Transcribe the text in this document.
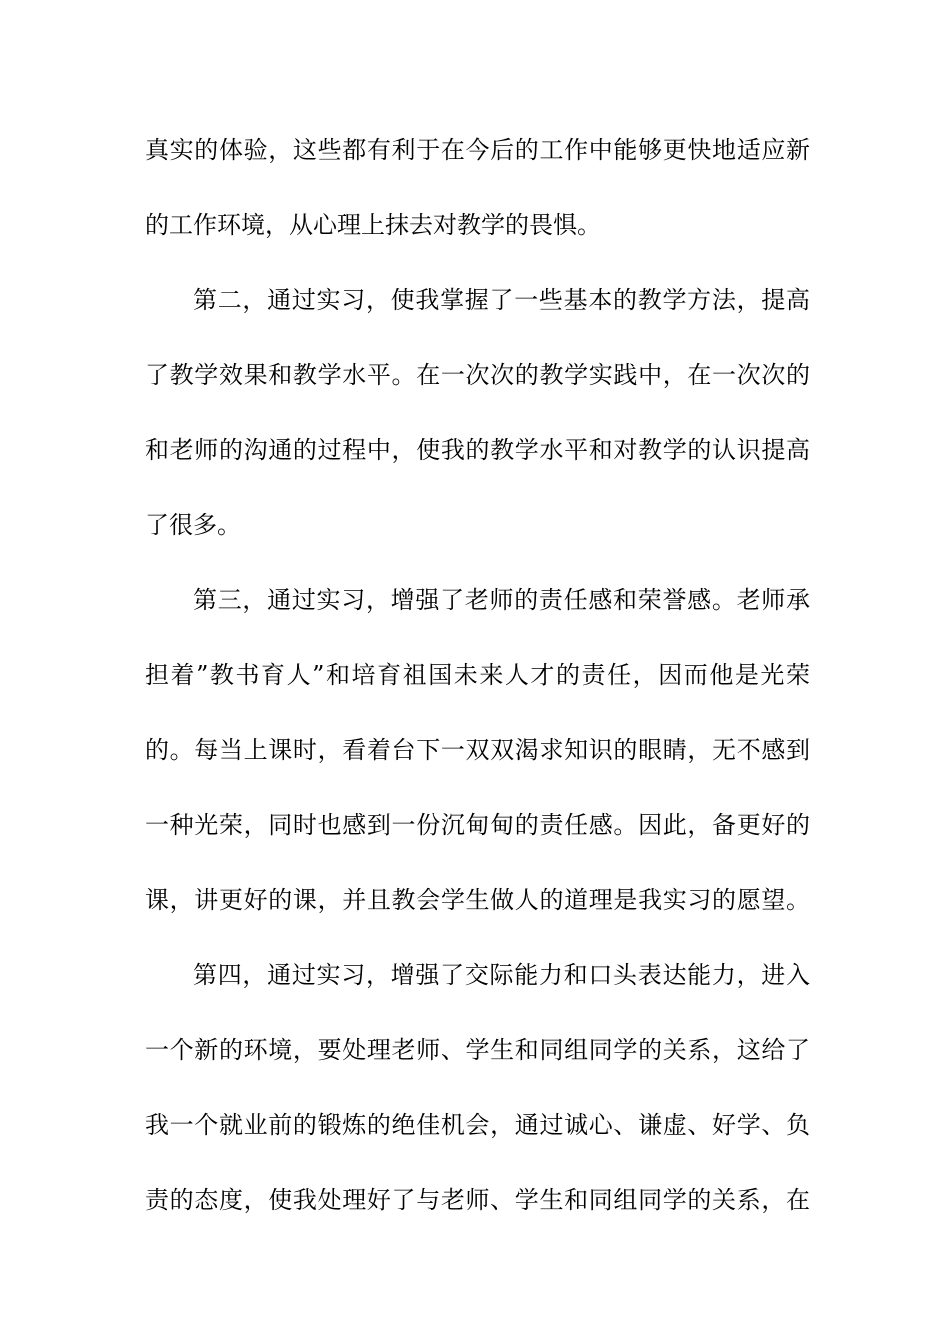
真实的体验，这些都有利于在今后的工作中能够更快地适应新
的工作环境，从心理上抹去对教学的畏惧。
第二，通过实习，使我掌握了一些基本的教学方法，提高
了教学效果和教学水平。在一次次的教学实践中，在一次次的
和老师的沟通的过程中，使我的教学水平和对教学的认识提高
了很多。
第三，通过实习，增强了老师的责任感和荣誉感。老师承
担着”教书育人”和培育祖国未来人才的责任，因而他是光荣
的。每当上课时，看着台下一双双渴求知识的眼睛，无不感到
一种光荣，同时也感到一份沉甸甸的责任感。因此，备更好的
课，讲更好的课，并且教会学生做人的道理是我实习的愿望。
第四，通过实习，增强了交际能力和口头表达能力，进入
一个新的环境，要处理老师、学生和同组同学的关系，这给了
我一个就业前的锻炼的绝佳机会，通过诚心、谦虚、好学、负
责的态度，使我处理好了与老师、学生和同组同学的关系，在
